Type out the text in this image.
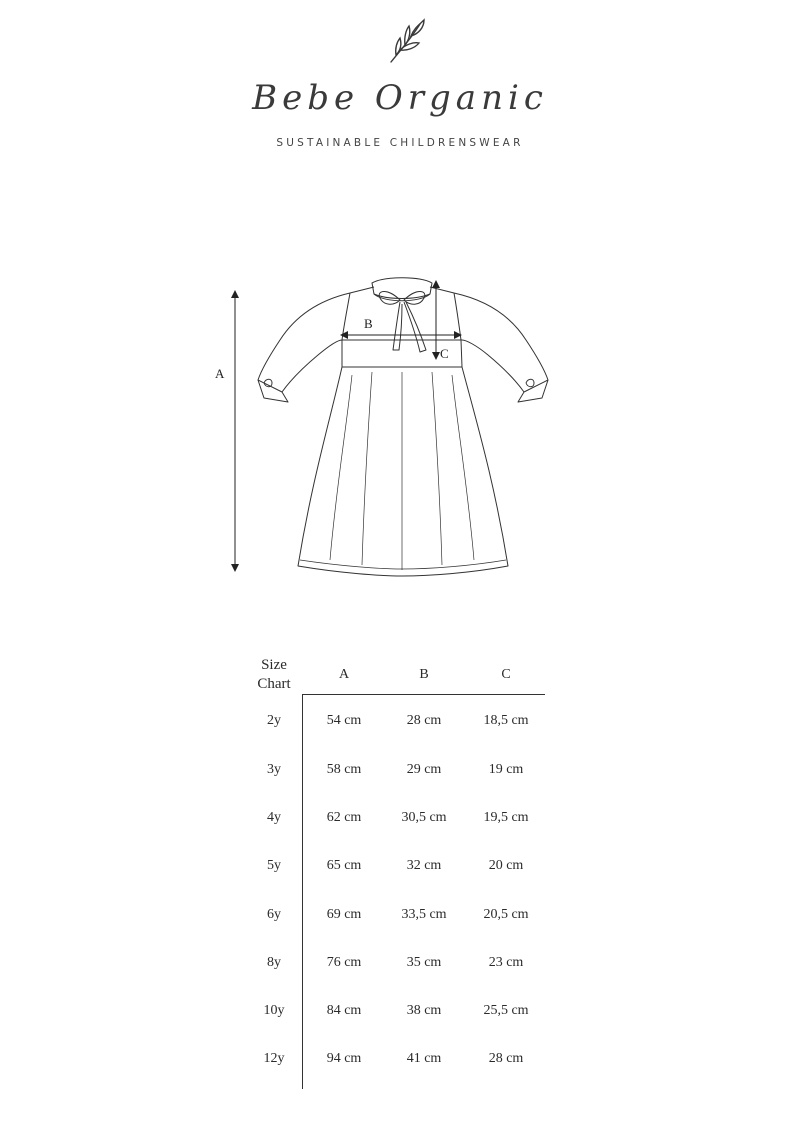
Bebe Organic
SUSTAINABLE CHILDRENSWEAR
A
B
C
Size
Chart
A	B	C
2y	54 cm	28 cm	18,5 cm
3y	58 cm	29 cm	19 cm
4y	62 cm	30,5 cm	19,5 cm
5y	65 cm	32 cm	20 cm
6y	69 cm	33,5 cm	20,5 cm
8y	76 cm	35 cm	23 cm
10y	84 cm	38 cm	25,5 cm
12y	94 cm	41 cm	28 cm
